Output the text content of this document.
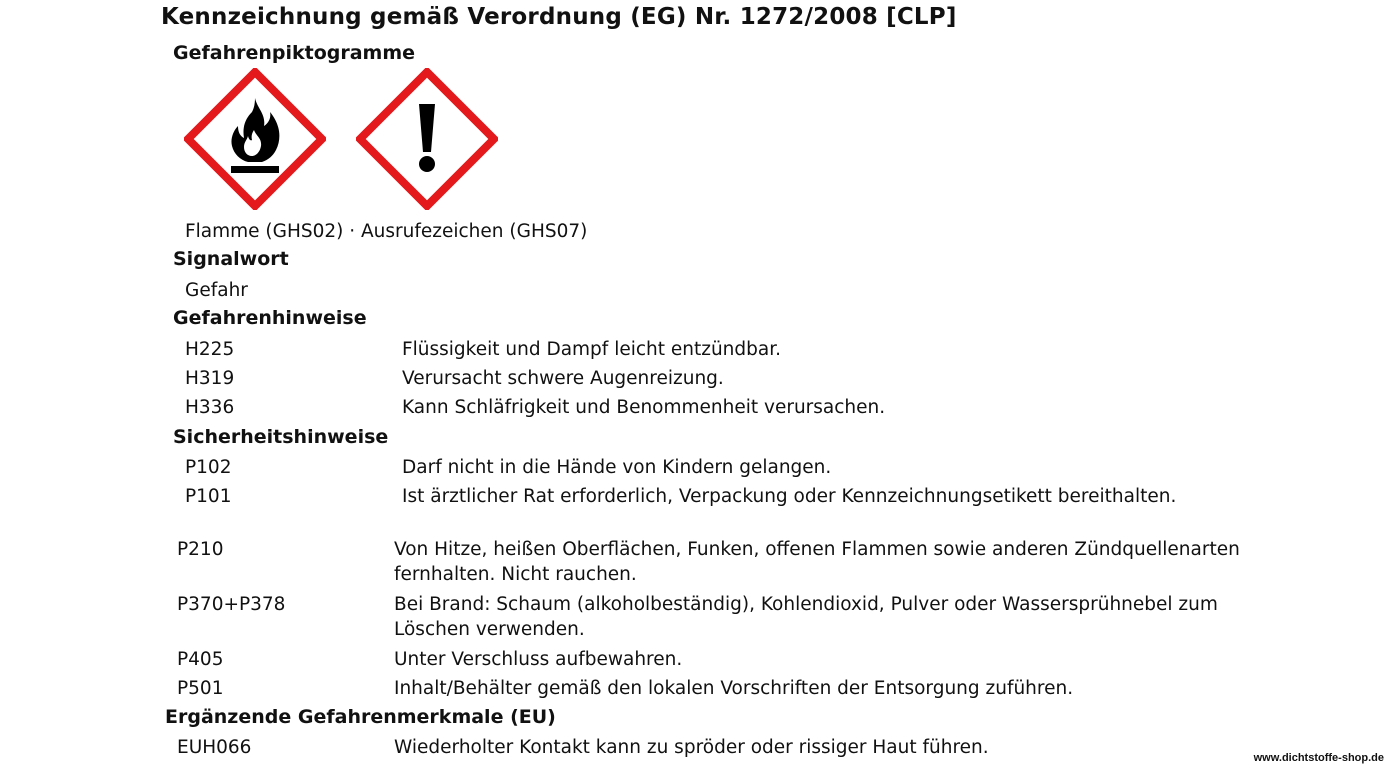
Kennzeichnung gemäß Verordnung (EG) Nr. 1272/2008 [CLP]
Gefahrenpiktogramme
Flamme (GHS02) · Ausrufezeichen (GHS07)
Signalwort
Gefahr
Gefahrenhinweise
H225	Flüssigkeit und Dampf leicht entzündbar.
H319	Verursacht schwere Augenreizung.
H336	Kann Schläfrigkeit und Benommenheit verursachen.
Sicherheitshinweise
P102	Darf nicht in die Hände von Kindern gelangen.
P101	Ist ärztlicher Rat erforderlich, Verpackung oder Kennzeichnungsetikett bereithalten.
P210	Von Hitze, heißen Oberflächen, Funken, offenen Flammen sowie anderen Zündquellenarten fernhalten. Nicht rauchen.
P370+P378	Bei Brand: Schaum (alkoholbeständig), Kohlendioxid, Pulver oder Wassersprühnebel zum Löschen verwenden.
P405	Unter Verschluss aufbewahren.
P501	Inhalt/Behälter gemäß den lokalen Vorschriften der Entsorgung zuführen.
Ergänzende Gefahrenmerkmale (EU)
EUH066	Wiederholter Kontakt kann zu spröder oder rissiger Haut führen.	www.dichtstoffe-shop.de
